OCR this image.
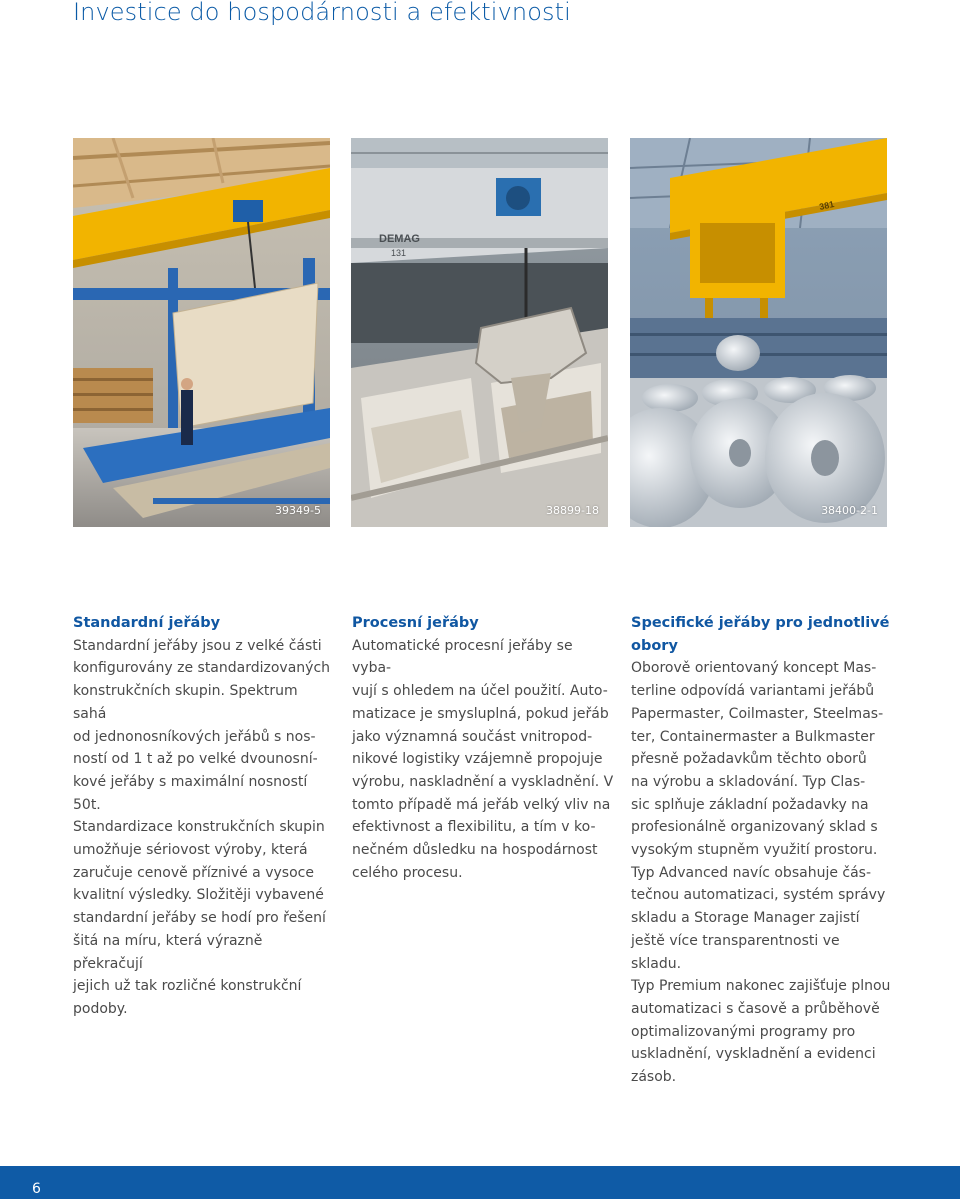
Investice do hospodárnosti a efektivnosti
39349-5
DEMAG
131
38899-18
381
38400-2-1
Standardní jeřáby

Standardní jeřáby jsou z velké části

konfigurovány ze standardizovaných

konstrukčních skupin. Spektrum sahá

od jednonosníkových jeřábů s nos-

ností od 1 t až po velké dvounosní-

kové jeřáby s maximální nosností 50t.

Standardizace konstrukčních skupin

umožňuje sériovost výroby, která

zaručuje cenově příznivé a vysoce

kvalitní výsledky. Složitěji vybavené

standardní jeřáby se hodí pro řešení

šitá na míru, která výrazně překračují

jejich už tak rozličné konstrukční

podoby.

Procesní jeřáby

Automatické procesní jeřáby se vyba-

vují s ohledem na účel použití. Auto-

matizace je smysluplná, pokud jeřáb

jako významná součást vnitropod-

nikové logistiky vzájemně propojuje

výrobu, naskladnění a vyskladnění. V

tomto případě má jeřáb velký vliv na

efektivnost a flexibilitu, a tím v ko-

nečném důsledku na hospodárnost

celého procesu.

Specifické jeřáby pro jednotlivé
obory

Oborově orientovaný koncept Mas-

terline odpovídá variantami jeřábů

Papermaster, Coilmaster, Steelmas-

ter, Containermaster a Bulkmaster

přesně požadavkům těchto oborů

na výrobu a skladování. Typ Clas-

sic splňuje základní požadavky na

profesionálně organizovaný sklad s

vysokým stupněm využití prostoru.

Typ Advanced navíc obsahuje čás-

tečnou automatizaci, systém správy

skladu a Storage Manager zajistí

ještě více transparentnosti ve skladu.

Typ Premium nakonec zajišťuje plnou

automatizaci s časově a průběhově

optimalizovanými programy pro

uskladnění, vyskladnění a evidenci

zásob.

6
